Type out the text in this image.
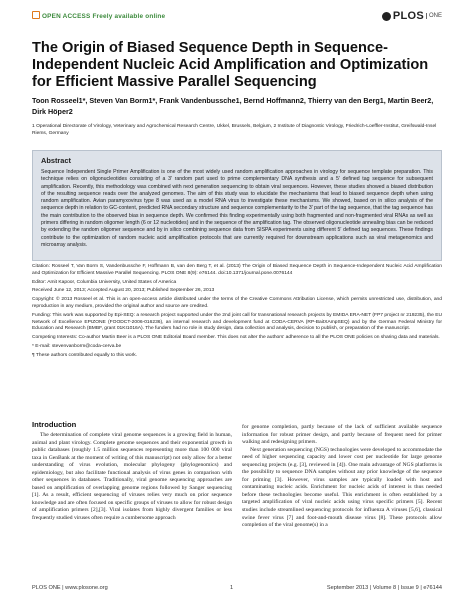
OPEN ACCESS Freely available online	PLOS ONE
The Origin of Biased Sequence Depth in Sequence-Independent Nucleic Acid Amplification and Optimization for Efficient Massive Parallel Sequencing
Toon Rosseel1*, Steven Van Borm1*, Frank Vandenbussche1, Bernd Hoffmann2, Thierry van den Berg1, Martin Beer2, Dirk Höper2
1 Operational Directorate of Virology, Veterinary and Agrochemical Research Centre, Ukkel, Brussels, Belgium, 2 Institute of Diagnostic Virology, Friedrich-Loeffler-Institut, Greifswald-Insel Riems, Germany
Abstract
Sequence Independent Single Primer Amplification is one of the most widely used random amplification approaches in virology for sequence template preparation. This technique relies on oligonucleotides consisting of a 3′ random part used to prime complementary DNA synthesis and a 5′ defined tag sequence for subsequent amplification. Recently, this methodology was combined with next generation sequencing to obtain viral sequences. However, these studies showed a biased distribution of the resulting sequence reads over the analyzed genomes. The aim of this study was to elucidate the mechanisms that lead to biased sequence depth when using random amplification. Avian paramyxovirus type 8 was used as a model RNA virus to investigate these mechanisms. We showed, based on in silico analysis of the sequence depth in relation to GC-content, predicted RNA secondary structure and sequence complementarity to the 3′ part of the tag sequence, that the tag sequence has the main contribution to the observed bias in sequence depth. We confirmed this finding experimentally using both fragmented and non-fragmented viral RNAs as well as primers differing in random oligomer length (6 or 12 nucleotides) and in the sequence of the amplification tag. The observed oligonucleotide annealing bias can be reduced by extending the random oligomer sequence and by in silico combining sequence data from SISPA experiments using different 5′ defined tag sequences. These findings contribute to the optimization of random nucleic acid amplification protocols that are currently required for downstream applications such as viral metagenomics and microarray analysis.

Citation: Rosseel T, Van Borm S, Vandenbussche F, Hoffmann B, van den Berg T, et al. (2013) The Origin of Biased Sequence Depth in Sequence-Independent Nucleic Acid Amplification and Optimization for Efficient Massive Parallel Sequencing. PLOS ONE 8(9): e76144. doi:10.1371/journal.pone.0076144

Editor: Amit Kapoor, Columbia University, United States of America

Received June 12, 2013; Accepted August 20, 2013; Published September 26, 2013

Copyright: © 2013 Rosseel et al. This is an open-access article distributed under the terms of the Creative Commons Attribution License, which permits unrestricted use, distribution, and reproduction in any medium, provided the original author and source are credited.

Funding: This work was supported by Epi-SEQ: a research project supported under the 2nd joint call for transnational research projects by EMIDA ERA-NET (FP7 project nr 219235), the EU Network of Excellence EPIZONE (FOODCT-2006-016236), an internal research and development fund at CODA-CERVA (RP-BaitXAmpSEQ) and by the German Federal Ministry for Education and Research (BMBF, grant 01KI1016A). The funders had no role in study design, data collection and analysis, decision to publish, or preparation of the manuscript.

Competing Interests: Co-author Martin Beer is a PLOS ONE Editorial Board member. This does not alter the authors' adherence to all the PLOS ONE policies on sharing data and materials.

* E-mail: stevenvanborm@coda-cerva.be

¶ These authors contributed equally to this work.

Introduction

The determination of complete viral genome sequences is a growing field in human, animal and plant virology. Complete genome sequences and their exponential growth in public databases (roughly 1.5 million sequences representing more than 100 000 viral taxa in GenBank at the moment of writing of this manuscript) not only allow for a better understanding of virus evolution, molecular phylogeny (phylogenomics) and epidemiology, but also facilitate functional analysis of virus genes in comparison with other sequences in databases. Traditionally, viral genome sequencing approaches are based on amplification of overlapping genome regions followed by Sanger sequencing [1]. As a result, efficient sequencing of viruses relies very much on prior sequence knowledge and are often focused on specific groups of viruses to allow for robust design of amplification primers [2],[3]. Viral isolates from highly divergent families or less frequently studied viruses often require a cumbersome approach

for genome completion, partly because of the lack of sufficient available sequence information for robust primer design, and partly because of frequent need for primer walking and redesigning primers.

Next generation sequencing (NGS) technologies were developed to accommodate the need of higher sequencing capacity and lower cost per nucleotide for large genome sequencing projects (e.g. [3], reviewed in [4]). One main advantage of NGS platforms is the possibility to sequence DNA samples without any prior knowledge of the sequence for priming [3]. However, virus samples are typically loaded with host and contaminating nucleic acids. Enrichment for nucleic acids of interest is thus needed before these technologies become useful. This enrichment is often established by a targeted amplification of viral nucleic acids using virus specific primers [5]. Recent studies include streamlined sequencing protocols for influenza A viruses [5,6], classical swine fever virus [7] and foot-and-mouth disease virus [8]. These protocols allow completion of the viral genome(s) in a

PLOS ONE | www.plosone.org	1	September 2013 | Volume 8 | Issue 9 | e76144
